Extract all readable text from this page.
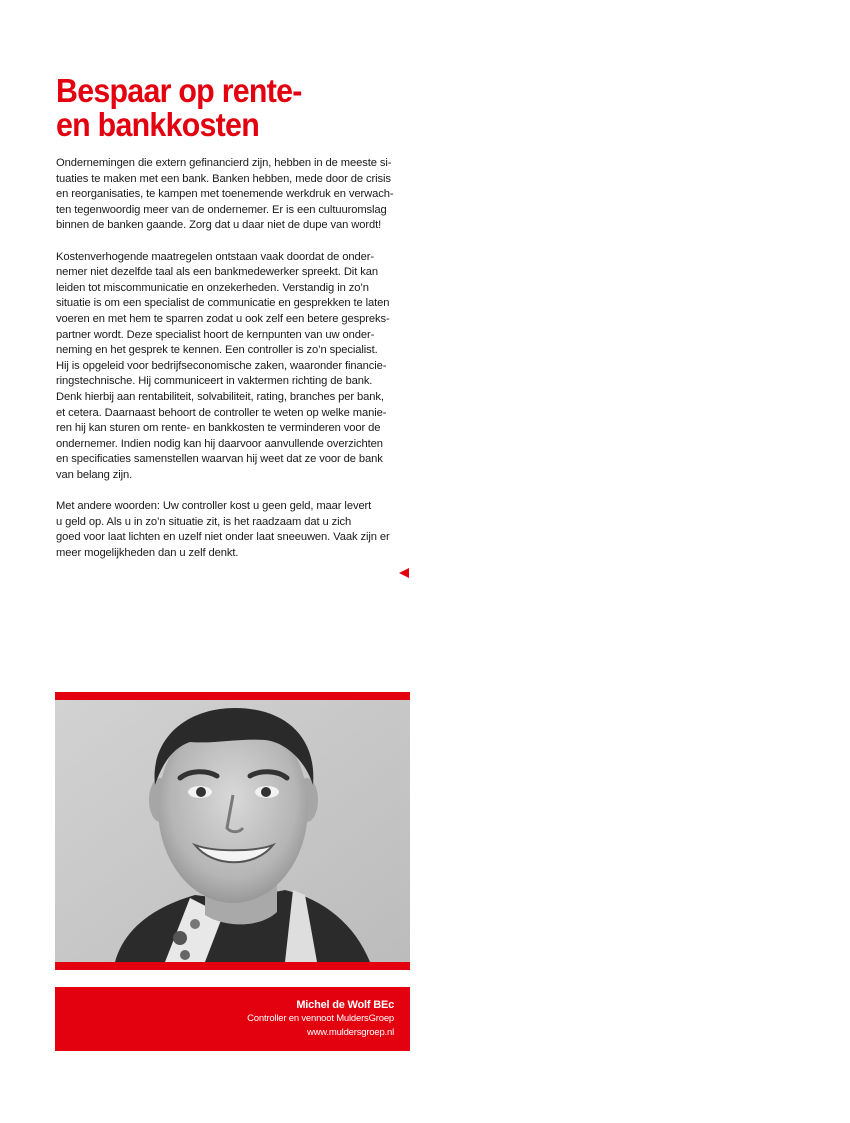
Bespaar op rente-
en bankkosten

Ondernemingen die extern gefinancierd zijn, hebben in de meeste si-
tuaties te maken met een bank. Banken hebben, mede door de crisis
en reorganisaties, te kampen met toenemende werkdruk en verwach-
ten tegenwoordig meer van de ondernemer. Er is een cultuuromslag
binnen de banken gaande. Zorg dat u daar niet de dupe van wordt!

Kostenverhogende maatregelen ontstaan vaak doordat de onder-
nemer niet dezelfde taal als een bankmedewerker spreekt. Dit kan
leiden tot miscommunicatie en onzekerheden. Verstandig in zo’n
situatie is om een specialist de communicatie en gesprekken te laten
voeren en met hem te sparren zodat u ook zelf een betere gespreks-
partner wordt. Deze specialist hoort de kernpunten van uw onder-
neming en het gesprek te kennen. Een controller is zo’n specialist.
Hij is opgeleid voor bedrijfseconomische zaken, waaronder financie-
ringstechnische. Hij communiceert in vaktermen richting de bank.
Denk hierbij aan rentabiliteit, solvabiliteit, rating, branches per bank,
et cetera. Daarnaast behoort de controller te weten op welke manie-
ren hij kan sturen om rente- en bankkosten te verminderen voor de
ondernemer. Indien nodig kan hij daarvoor aanvullende overzichten
en specificaties samenstellen waarvan hij weet dat ze voor de bank
van belang zijn.

Met andere woorden: Uw controller kost u geen geld, maar levert
u geld op. Als u in zo’n situatie zit, is het raadzaam dat u zich
goed voor laat lichten en uzelf niet onder laat sneeuwen. Vaak zijn er
meer mogelijkheden dan u zelf denkt.

Michel de Wolf BEc
Controller en vennoot MuldersGroep
www.muldersgroep.nl
